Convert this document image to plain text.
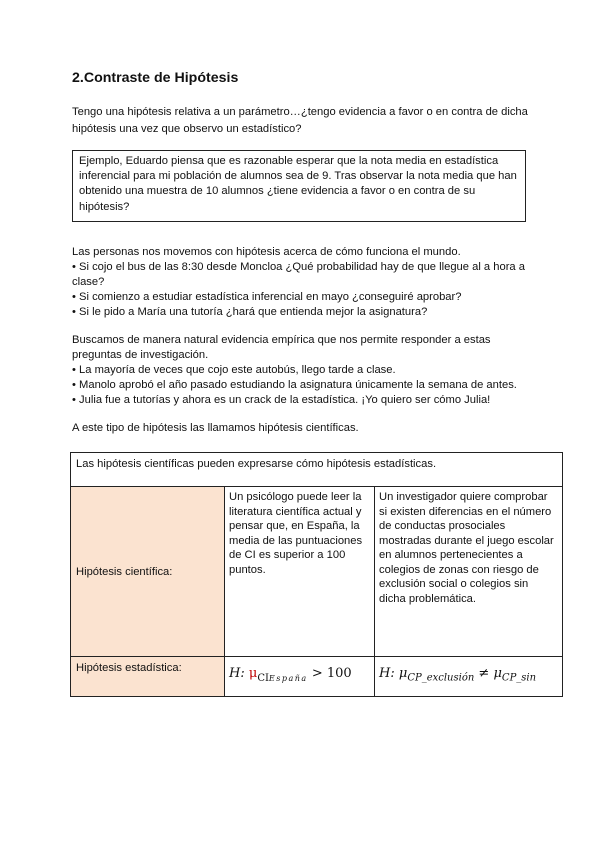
2.Contraste de Hipótesis

Tengo una hipótesis relativa a un parámetro…¿tengo evidencia a favor o en contra de dicha hipótesis una vez que observo un estadístico?

Ejemplo, Eduardo piensa que es razonable esperar que la nota media en estadística inferencial para mi población de alumnos sea de 9. Tras observar la nota media que han obtenido una muestra de 10 alumnos ¿tiene evidencia a favor o en contra de su hipótesis?

Las personas nos movemos con hipótesis acerca de cómo funciona el mundo.

• Si cojo el bus de las 8:30 desde Moncloa ¿Qué probabilidad hay de que llegue al a hora a clase?
• Si comienzo a estudiar estadística inferencial en mayo ¿conseguiré aprobar?
• Si le pido a María una tutoría ¿hará que entienda mejor la asignatura?

Buscamos de manera natural evidencia empírica que nos permite responder a estas preguntas de investigación.

• La mayoría de veces que cojo este autobús, llego tarde a clase.
• Manolo aprobó el año pasado estudiando la asignatura únicamente la semana de antes.
• Julia fue a tutorías y ahora es un crack de la estadística. ¡Yo quiero ser cómo Julia!
A este tipo de hipótesis las llamamos hipótesis científicas.
Las hipótesis científicas pueden expresarse cómo hipótesis estadísticas.		
Hipótesis científica:	Un psicólogo puede leer la literatura científica actual y pensar que, en España, la media de las puntuaciones de CI es superior a 100 puntos.	Un investigador quiere comprobar si existen diferencias en el número de conductas prosociales mostradas durante el juego escolar en alumnos pertenecientes a colegios de zonas con riesgo de exclusión social o colegios sin dicha problemática.
Hipótesis estadística:	H: $\mu_{CIEspaña} > 100$	H: $\mu_{CP\_exclusión} \ne \mu_{CP\_sin}$
